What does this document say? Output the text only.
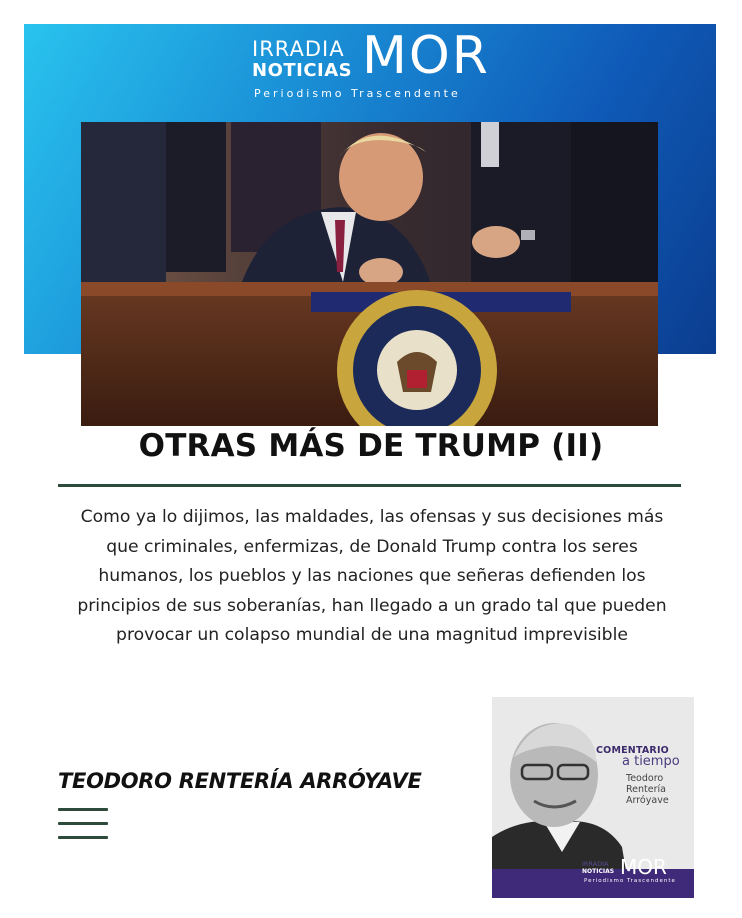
IRRADIA
NOTICIAS MOR
Periodismo Trascendente
OTRAS MÁS DE TRUMP (II)

Como ya lo dijimos, las maldades, las ofensas y sus decisiones más que criminales, enfermizas, de Donald Trump contra los seres humanos, los pueblos y las naciones que señeras defienden los principios de sus soberanías, han llegado a un grado tal que pueden provocar un colapso mundial de una magnitud imprevisible

TEODORO RENTERÍA ARRÓYAVE

COMENTARIO

a tiempo

Teodoro
Rentería
Arróyave

IRRADIA
NOTICIAS MOR
Periodismo Trascendente
